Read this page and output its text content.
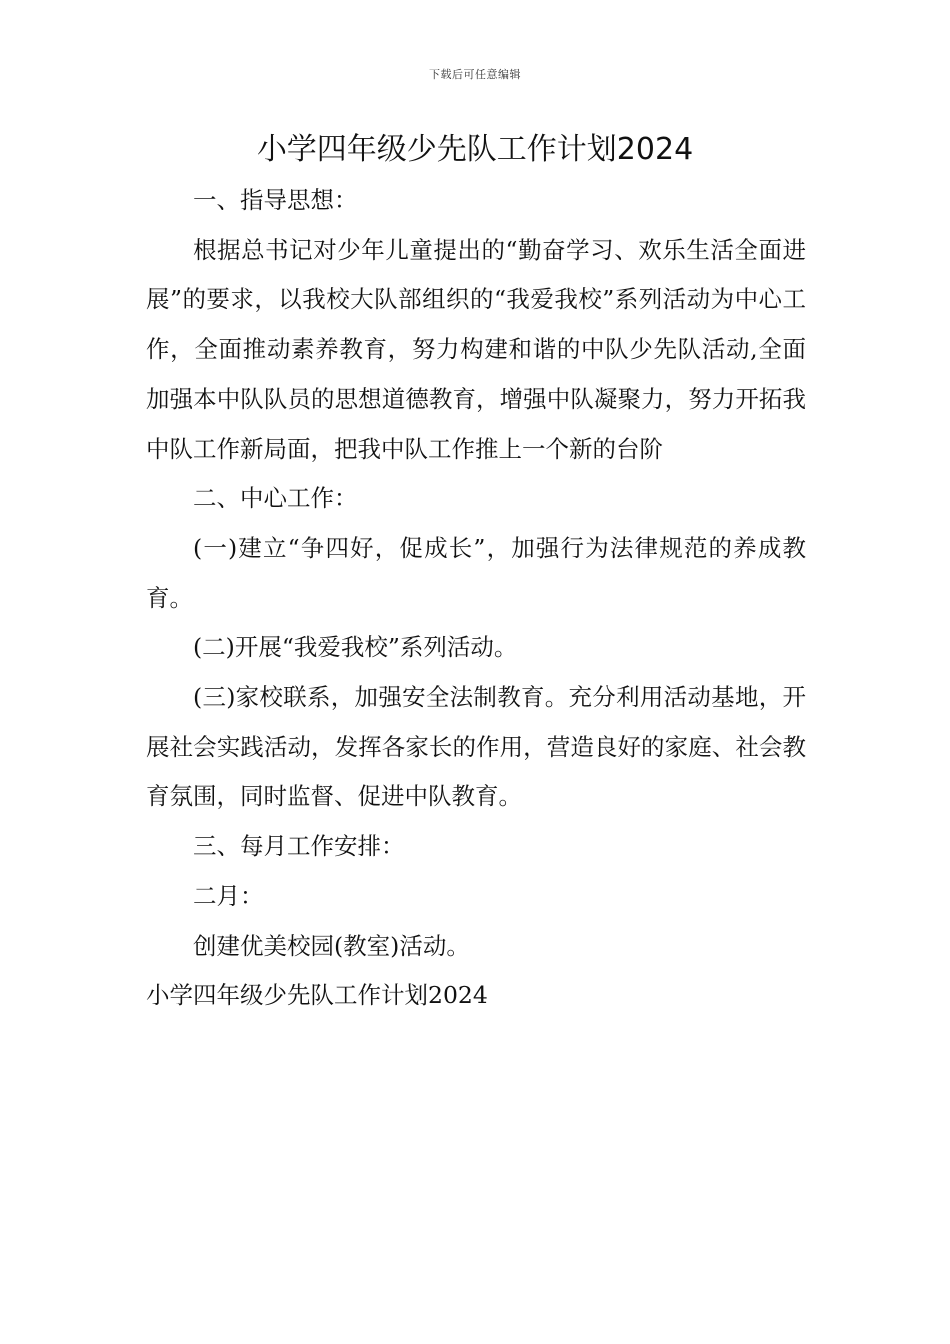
下载后可任意编辑
小学四年级少先队工作计划2024

一、指导思想：

根据总书记对少年儿童提出的“勤奋学习、欢乐生活全面进展”的要求，以我校大队部组织的“我爱我校”系列活动为中心工作，全面推动素养教育，努力构建和谐的中队少先队活动,全面加强本中队队员的思想道德教育，增强中队凝聚力，努力开拓我中队工作新局面，把我中队工作推上一个新的台阶

二、中心工作：

(一)建立“争四好，促成长”，加强行为法律规范的养成教育。

(二)开展“我爱我校”系列活动。

(三)家校联系，加强安全法制教育。充分利用活动基地，开展社会实践活动，发挥各家长的作用，营造良好的家庭、社会教育氛围，同时监督、促进中队教育。

三、每月工作安排：

二月：

创建优美校园(教室)活动。

小学四年级少先队工作计划2024
